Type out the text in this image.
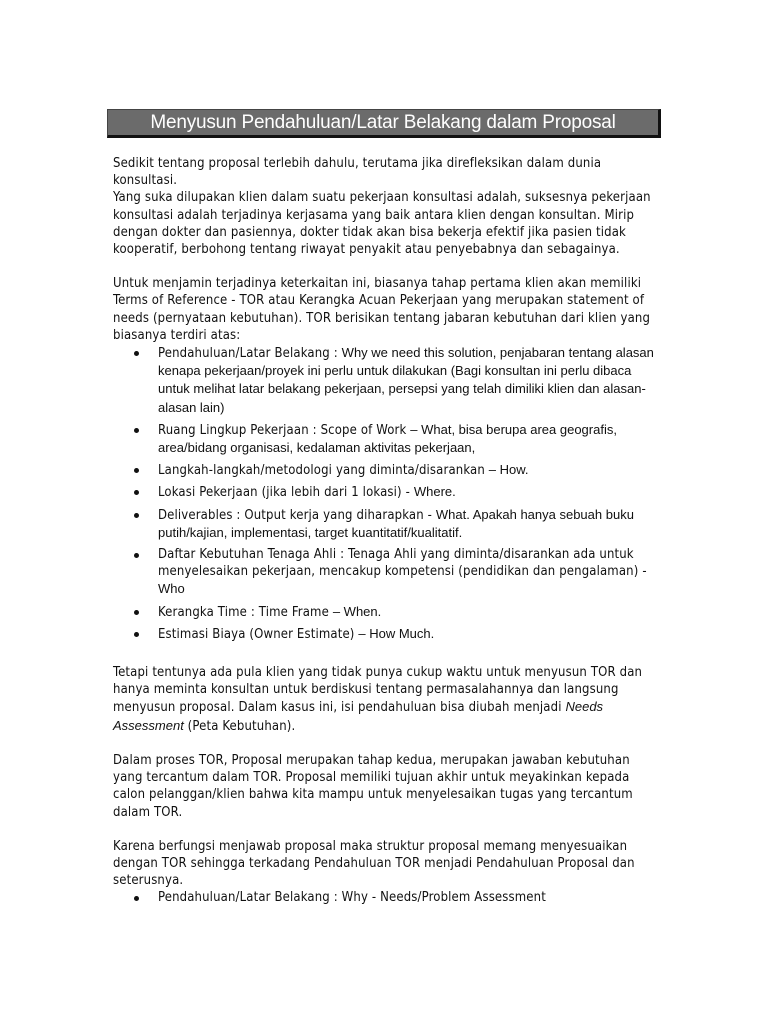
Menyusun Pendahuluan/Latar Belakang dalam Proposal

Sedikit tentang proposal terlebih dahulu, terutama jika direfleksikan dalam dunia konsultasi.

Yang suka dilupakan klien dalam suatu pekerjaan konsultasi adalah, suksesnya pekerjaan konsultasi adalah terjadinya kerjasama yang baik antara klien dengan konsultan. Mirip dengan dokter dan pasiennya, dokter tidak akan bisa bekerja efektif jika pasien tidak kooperatif, berbohong tentang riwayat penyakit atau penyebabnya dan sebagainya.

Untuk menjamin terjadinya keterkaitan ini, biasanya tahap pertama klien akan memiliki Terms of Reference - TOR atau Kerangka Acuan Pekerjaan yang merupakan statement of needs (pernyataan kebutuhan). TOR berisikan tentang jabaran kebutuhan dari klien yang biasanya terdiri atas:

Pendahuluan/Latar Belakang : Why we need this solution, penjabaran tentang alasan kenapa pekerjaan/proyek ini perlu untuk dilakukan (Bagi konsultan ini perlu dibaca untuk melihat latar belakang pekerjaan, persepsi yang telah dimiliki klien dan alasan-alasan lain)
Ruang Lingkup Pekerjaan : Scope of Work – What, bisa berupa area geografis, area/bidang organisasi, kedalaman aktivitas pekerjaan,
Langkah-langkah/metodologi yang diminta/disarankan – How.
Lokasi Pekerjaan (jika lebih dari 1 lokasi) - Where.
Deliverables : Output kerja yang diharapkan - What. Apakah hanya sebuah buku putih/kajian, implementasi, target kuantitatif/kualitatif.
Daftar Kebutuhan Tenaga Ahli : Tenaga Ahli yang diminta/disarankan ada untuk menyelesaikan pekerjaan, mencakup kompetensi (pendidikan dan pengalaman) - Who
Kerangka Time : Time Frame – When.
Estimasi Biaya (Owner Estimate) – How Much.

Tetapi tentunya ada pula klien yang tidak punya cukup waktu untuk menyusun TOR dan hanya meminta konsultan untuk berdiskusi tentang permasalahannya dan langsung menyusun proposal. Dalam kasus ini, isi pendahuluan bisa diubah menjadi Needs Assessment (Peta Kebutuhan).

Dalam proses TOR, Proposal merupakan tahap kedua, merupakan jawaban kebutuhan yang tercantum dalam TOR. Proposal memiliki tujuan akhir untuk meyakinkan kepada calon pelanggan/klien bahwa kita mampu untuk menyelesaikan tugas yang tercantum dalam TOR.

Karena berfungsi menjawab proposal maka struktur proposal memang menyesuaikan dengan TOR sehingga terkadang Pendahuluan TOR menjadi Pendahuluan Proposal dan seterusnya.

Pendahuluan/Latar Belakang : Why - Needs/Problem Assessment
